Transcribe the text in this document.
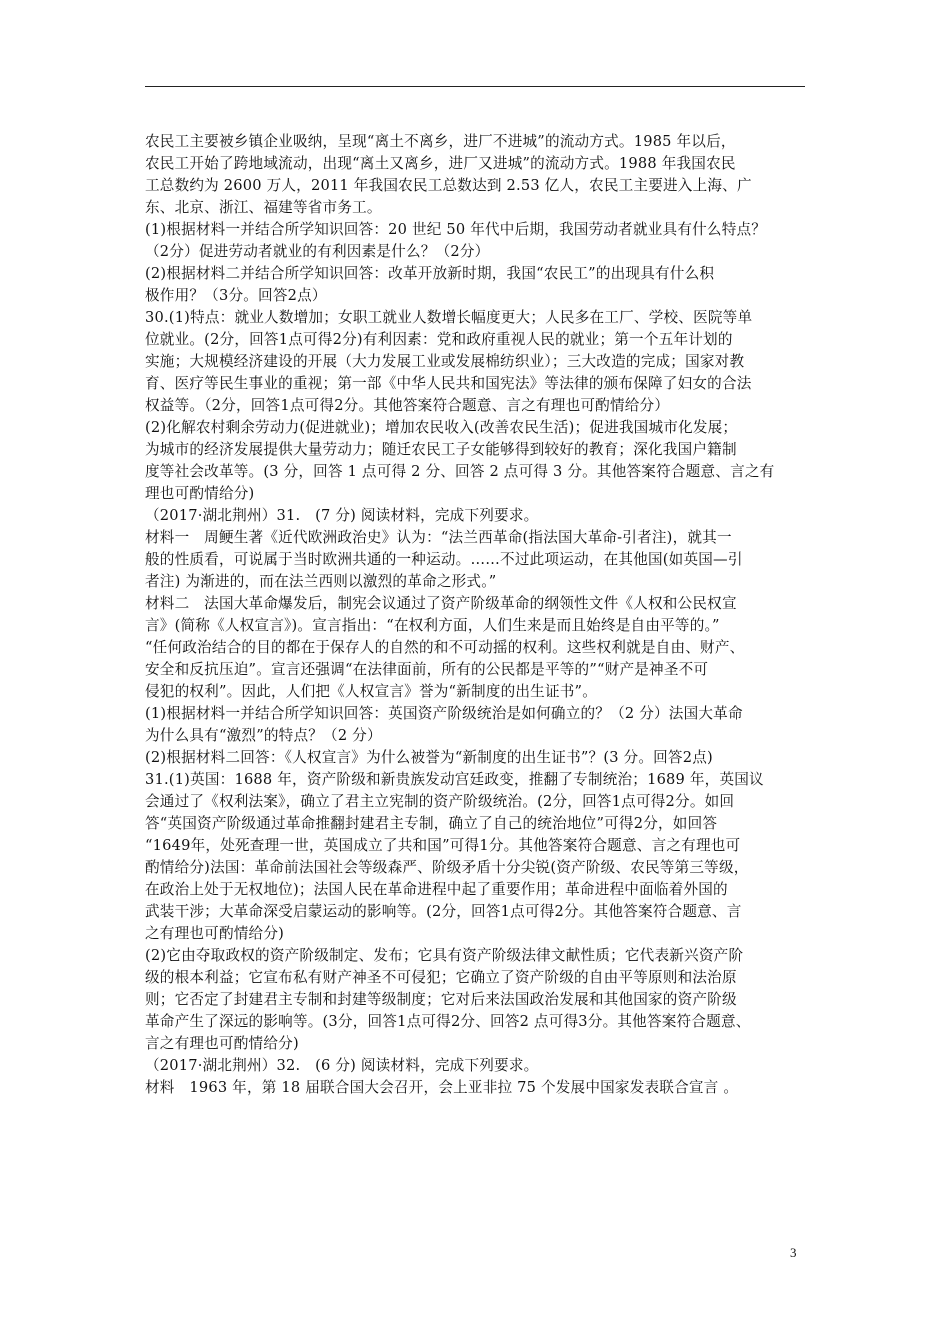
农民工主要被乡镇企业吸纳，呈现“离土不离乡，进厂不进城”的流动方式。1985 年以后，

农民工开始了跨地域流动，出现“离土又离乡，进厂又进城”的流动方式。1988 年我国农民

工总数约为 2600 万人，2011 年我国农民工总数达到 2.53 亿人，农民工主要进入上海、广

东、北京、浙江、福建等省市务工。

(1)根据材料一并结合所学知识回答：20 世纪 50 年代中后期，我国劳动者就业具有什么特点？

（2分）促进劳动者就业的有利因素是什么？（2分）

(2)根据材料二并结合所学知识回答：改革开放新时期，我国“农民工”的出现具有什么积

极作用？（3分。回答2点）

30.(1)特点：就业人数增加；女职工就业人数增长幅度更大；人民多在工厂、学校、医院等单

位就业。(2分，回答1点可得2分)有利因素：党和政府重视人民的就业；第一个五年计划的

实施；大规模经济建设的开展（大力发展工业或发展棉纺织业）；三大改造的完成；国家对教

育、医疗等民生事业的重视；第一部《中华人民共和国宪法》等法律的颁布保障了妇女的合法

权益等。（2分，回答1点可得2分。其他答案符合题意、言之有理也可酌情给分）

(2)化解农村剩余劳动力(促进就业)；增加农民收入(改善农民生活)；促进我国城市化发展；

为城市的经济发展提供大量劳动力；随迁农民工子女能够得到较好的教育；深化我国户籍制

度等社会改革等。(3 分，回答 1 点可得 2 分、回答 2 点可得 3 分。其他答案符合题意、言之有

理也可酌情给分)

（2017·湖北荆州）31.　(7 分) 阅读材料，完成下列要求。

材料一　周鲠生著《近代欧洲政治史》认为：“法兰西革命(指法国大革命-引者注)，就其一

般的性质看，可说属于当时欧洲共通的一种运动。……不过此项运动，在其他国(如英国—引

者注) 为渐进的，而在法兰西则以激烈的革命之形式。”

材料二　法国大革命爆发后，制宪会议通过了资产阶级革命的纲领性文件《人权和公民权宣

言》(简称《人权宣言》)。宣言指出：“在权利方面，人们生来是而且始终是自由平等的。”

“任何政治结合的目的都在于保存人的自然的和不可动摇的权利。这些权利就是自由、财产、

安全和反抗压迫”。宣言还强调“在法律面前，所有的公民都是平等的”“财产是神圣不可

侵犯的权利”。因此，人们把《人权宣言》誉为“新制度的出生证书”。

(1)根据材料一并结合所学知识回答：英国资产阶级统治是如何确立的？（2 分）法国大革命

为什么具有“激烈”的特点？（2 分）

(2)根据材料二回答：《人权宣言》为什么被誉为“新制度的出生证书”？(3 分。回答2点)

31.(1)英国：1688 年，资产阶级和新贵族发动宫廷政变，推翻了专制统治；1689 年，英国议

会通过了《权利法案》，确立了君主立宪制的资产阶级统治。(2分，回答1点可得2分。如回

答“英国资产阶级通过革命推翻封建君主专制，确立了自己的统治地位”可得2分，如回答

“1649年，处死查理一世，英国成立了共和国”可得1分。其他答案符合题意、言之有理也可

酌情给分)法国：革命前法国社会等级森严、阶级矛盾十分尖锐(资产阶级、农民等第三等级，

在政治上处于无权地位)；法国人民在革命进程中起了重要作用；革命进程中面临着外国的

武装干涉；大革命深受启蒙运动的影响等。(2分，回答1点可得2分。其他答案符合题意、言

之有理也可酌情给分)

(2)它由夺取政权的资产阶级制定、发布；它具有资产阶级法律文献性质；它代表新兴资产阶

级的根本利益；它宣布私有财产神圣不可侵犯；它确立了资产阶级的自由平等原则和法治原

则；它否定了封建君主专制和封建等级制度；它对后来法国政治发展和其他国家的资产阶级

革命产生了深远的影响等。(3分，回答1点可得2分、回答2 点可得3分。其他答案符合题意、

言之有理也可酌情给分)

（2017·湖北荆州）32.　(6 分) 阅读材料，完成下列要求。

材料　1963 年，第 18 届联合国大会召开，会上亚非拉 75 个发展中国家发表联合宣言 。

3
